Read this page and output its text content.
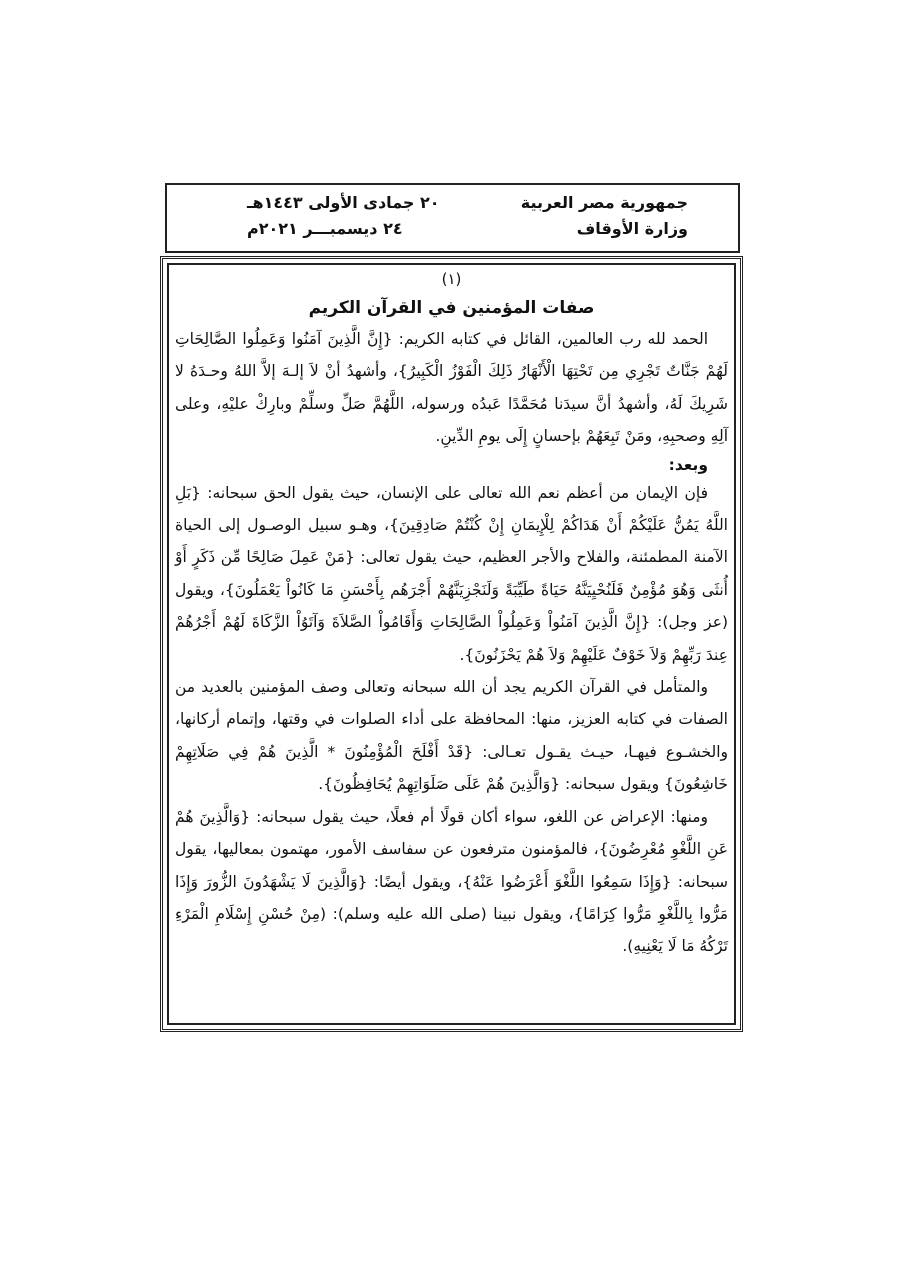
جمهورية مصر العربية
وزارة الأوقاف
٢٠ جمادى الأولى ١٤٤٣هـ
٢٤ ديسمبـــر ٢٠٢١م
(١)
صفات المؤمنين في القرآن الكريم

الحمد لله رب العالمين، القائل في كتابه الكريم: {إِنَّ الَّذِينَ آمَنُوا وَعَمِلُوا الصَّالِحَاتِ لَهُمْ جَنَّاتٌ تَجْرِي مِن تَحْتِهَا الْأَنْهَارُ ذَلِكَ الْفَوْزُ الْكَبِيرُ}، وأشهدُ أنْ لاَ إلـهَ إلاَّ اللهُ وحـدَهُ لا شَرِيكَ لَهُ، وأشهدُ أنَّ سيدَنا مُحَمَّدًا عَبدُه ورسوله، اللَّهُمَّ صَلِّ وسلِّمْ وبارِكْ عليْهِ، وعلى آلِهِ وصحبِهِ، ومَنْ تَبِعَهُمْ بإحسانٍ إِلَى يومِ الدِّينِ.

وبعد:

فإن الإيمان من أعظم نعم الله تعالى على الإنسان، حيث يقول الحق سبحانه: {بَلِ اللَّهُ يَمُنُّ عَلَيْكُمْ أَنْ هَدَاكُمْ لِلْإِيمَانِ إِنْ كُنْتُمْ صَادِقِينَ}، وهـو سبيل الوصـول إلى الحياة الآمنة المطمئنة، والفلاح والأجر العظيم، حيث يقول تعالى: {مَنْ عَمِلَ صَالِحًا مِّن ذَكَرٍ أَوْ أُنثَى وَهُوَ مُؤْمِنٌ فَلَنُحْيِيَنَّهُ حَيَاةً طَيِّبَةً وَلَنَجْزِيَنَّهُمْ أَجْرَهُم بِأَحْسَنِ مَا كَانُواْ يَعْمَلُونَ}، ويقول (عز وجل): {إِنَّ الَّذِينَ آمَنُواْ وَعَمِلُواْ الصَّالِحَاتِ وَأَقَامُواْ الصَّلاَةَ وَآتَوُاْ الزَّكَاةَ لَهُمْ أَجْرُهُمْ عِندَ رَبِّهِمْ وَلاَ خَوْفٌ عَلَيْهِمْ وَلاَ هُمْ يَحْزَنُونَ}.

والمتأمل في القرآن الكريم يجد أن الله سبحانه وتعالى وصف المؤمنين بالعديد من الصفات في كتابه العزيز، منها: المحافظة على أداء الصلوات في وقتها، وإتمام أركانها، والخشـوع فيهـا، حيـث يقـول تعـالى: {قَدْ أَفْلَحَ الْمُؤْمِنُونَ * الَّذِينَ هُمْ فِي صَلَاتِهِمْ خَاشِعُونَ} ويقول سبحانه: {وَالَّذِينَ هُمْ عَلَى صَلَوَاتِهِمْ يُحَافِظُونَ}.

ومنها: الإعراض عن اللغو، سواء أكان قولًا أم فعلًا، حيث يقول سبحانه: {وَالَّذِينَ هُمْ عَنِ اللَّغْوِ مُعْرِضُونَ}، فالمؤمنون مترفعون عن سفاسف الأمور، مهتمون بمعاليها، يقول سبحانه: {وَإِذَا سَمِعُوا اللَّغْوَ أَعْرَضُوا عَنْهُ}، ويقول أيضًا: {وَالَّذِينَ لَا يَشْهَدُونَ الزُّورَ وَإِذَا مَرُّوا بِاللَّغْوِ مَرُّوا كِرَامًا}، ويقول نبينا (صلى الله عليه وسلم): (مِنْ حُسْنِ إِسْلَامِ الْمَرْءِ تَرْكُهُ مَا لَا يَعْنِيهِ).
